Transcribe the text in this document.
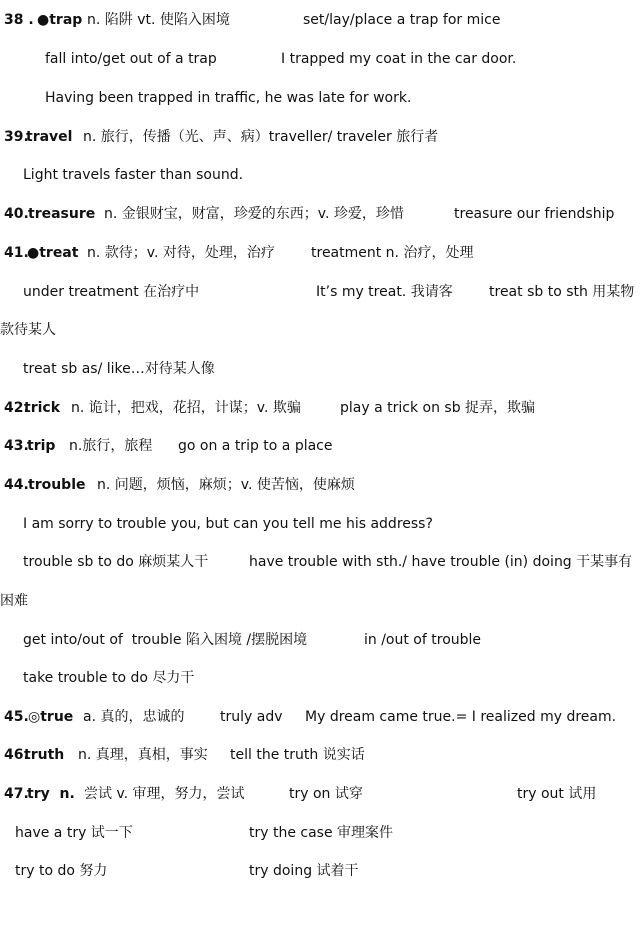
38 .

●trap

n. 陷阱 vt. 使陷入困境

	set/lay/place a trap for mice

fall into/get out of a trap

	I trapped my coat in the car door.

Having been trapped in traffic, he was late for work.

39.

travel

n. 旅行，传播（光、声、病）traveller/ traveler 旅行者

Light travels faster than sound.

40.

treasure

n. 金银财宝，财富，珍爱的东西；v. 珍爱，珍惜

	treasure our friendship

41.

●treat

n. 款待；v. 对待，处理，治疗

	treatment n. 治疗，处理

under treatment 在治疗中

	It’s my treat. 我请客

	treat sb to sth 用某物

款待某人

treat sb as/ like…对待某人像

42.

trick

n. 诡计，把戏，花招，计谋；v. 欺骗

	play a trick on sb 捉弄，欺骗

43.

trip

n.旅行，旅程

go on a trip to a place

44.

trouble

n. 问题，烦恼，麻烦；v. 使苦恼，使麻烦

I am sorry to trouble you, but can you tell me his address?

trouble sb to do 麻烦某人干

	have trouble with sth./ have trouble (in) doing 干某事有

困难

get into/out of  trouble 陷入困境 /摆脱困境

	in /out of trouble

take trouble to do 尽力干

45.

◎true

a. 真的，忠诚的

	truly adv

My dream came true.= I realized my dream.

46.

truth

n. 真理，真相，事实

tell the truth 说实话

47.

try  n.

尝试 v. 审理，努力，尝试

	try on 试穿

	try out 试用

have a try 试一下

	try the case 审理案件

try to do 努力

	try doing 试着干
